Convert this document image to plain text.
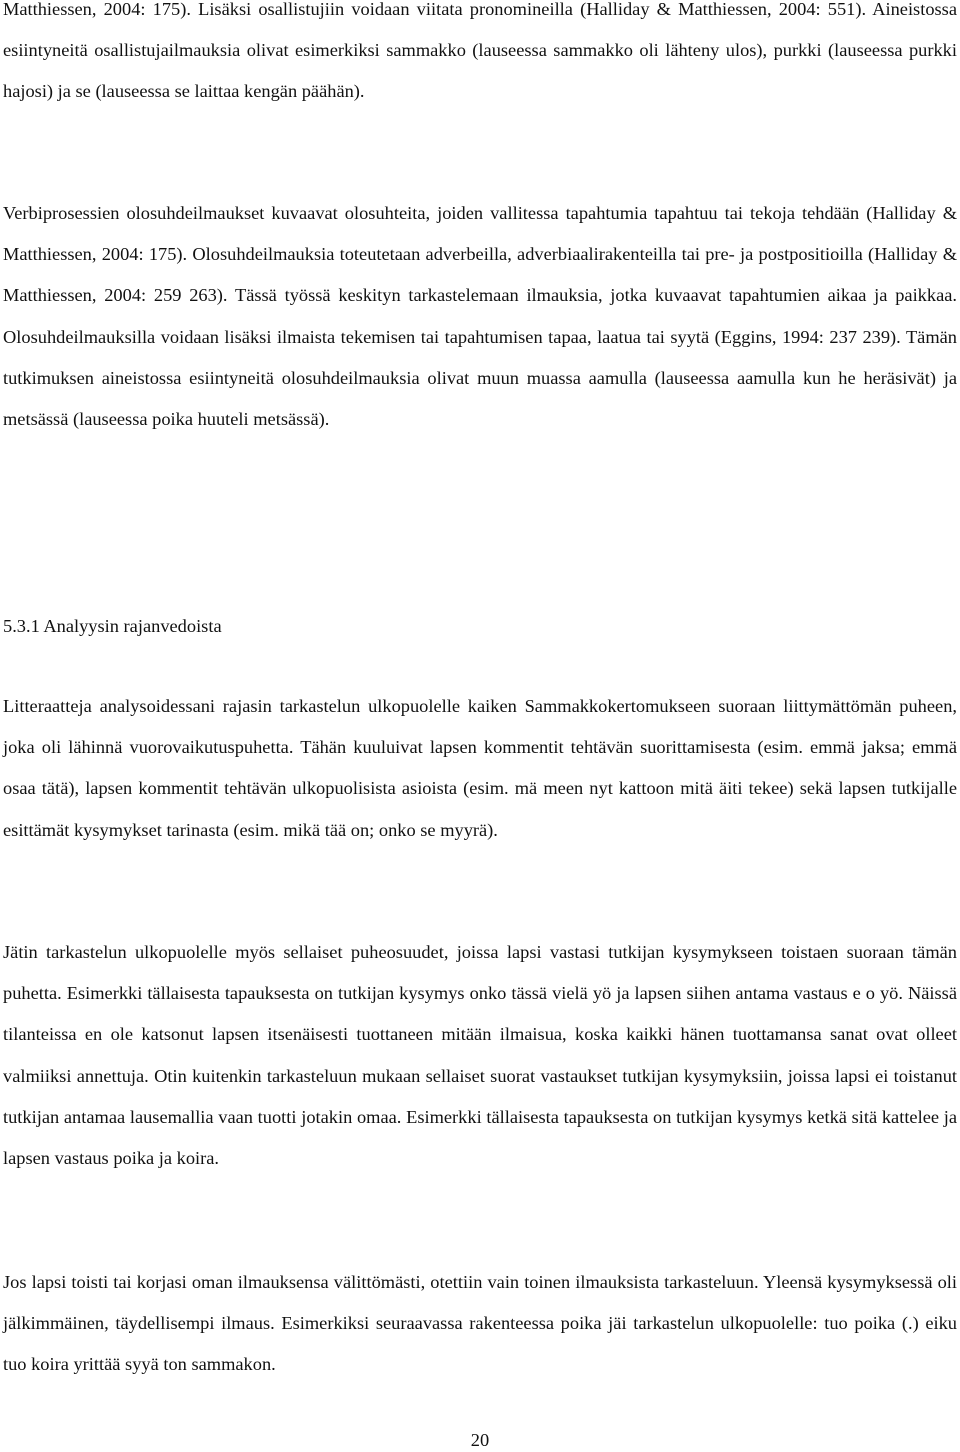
Matthiessen, 2004: 175). Lisäksi osallistujiin voidaan viitata pronomineilla (Halliday & Matthiessen, 2004: 551). Aineistossa esiintyneitä osallistujailmauksia olivat esimerkiksi sammakko (lauseessa sammakko oli lähteny ulos), purkki (lauseessa purkki hajosi) ja se (lauseessa se laittaa kengän päähän).

Verbiprosessien olosuhdeilmaukset kuvaavat olosuhteita, joiden vallitessa tapahtumia tapahtuu tai tekoja tehdään (Halliday & Matthiessen, 2004: 175). Olosuhdeilmauksia toteutetaan adverbeilla, adverbiaalirakenteilla tai pre- ja postpositioilla (Halliday & Matthiessen, 2004: 259 263). Tässä työssä keskityn tarkastelemaan ilmauksia, jotka kuvaavat tapahtumien aikaa ja paikkaa. Olosuhdeilmauksilla voidaan lisäksi ilmaista tekemisen tai tapahtumisen tapaa, laatua tai syytä (Eggins, 1994: 237 239). Tämän tutkimuksen aineistossa esiintyneitä olosuhdeilmauksia olivat muun muassa aamulla (lauseessa aamulla kun he heräsivät) ja metsässä (lauseessa poika huuteli metsässä).

5.3.1 Analyysin rajanvedoista

Litteraatteja analysoidessani rajasin tarkastelun ulkopuolelle kaiken Sammakkokertomukseen suoraan liittymättömän puheen, joka oli lähinnä vuorovaikutuspuhetta. Tähän kuuluivat lapsen kommentit tehtävän suorittamisesta (esim. emmä jaksa; emmä osaa tätä), lapsen kommentit tehtävän ulkopuolisista asioista (esim. mä meen nyt kattoon mitä äiti tekee) sekä lapsen tutkijalle esittämät kysymykset tarinasta (esim. mikä tää on; onko se myyrä).

Jätin tarkastelun ulkopuolelle myös sellaiset puheosuudet, joissa lapsi vastasi tutkijan kysymykseen toistaen suoraan tämän puhetta. Esimerkki tällaisesta tapauksesta on tutkijan kysymys onko tässä vielä yö ja lapsen siihen antama vastaus e o yö. Näissä tilanteissa en ole katsonut lapsen itsenäisesti tuottaneen mitään ilmaisua, koska kaikki hänen tuottamansa sanat ovat olleet valmiiksi annettuja. Otin kuitenkin tarkasteluun mukaan sellaiset suorat vastaukset tutkijan kysymyksiin, joissa lapsi ei toistanut tutkijan antamaa lausemallia vaan tuotti jotakin omaa. Esimerkki tällaisesta tapauksesta on tutkijan kysymys ketkä sitä kattelee ja lapsen vastaus poika ja koira.

Jos lapsi toisti tai korjasi oman ilmauksensa välittömästi, otettiin vain toinen ilmauksista tarkasteluun. Yleensä kysymyksessä oli jälkimmäinen, täydellisempi ilmaus. Esimerkiksi seuraavassa rakenteessa poika jäi tarkastelun ulkopuolelle: tuo poika (.) eiku tuo koira yrittää syyä ton sammakon.

20
